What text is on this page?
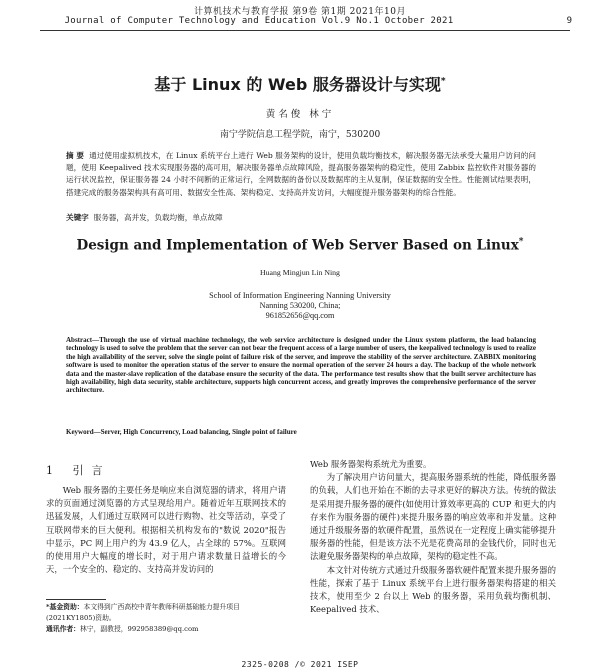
计算机技术与教育学报 第9卷 第1期 2021年10月
Journal of Computer Technology and Education Vol.9 No.1 October 2021	9
基于 Linux 的 Web 服务器设计与实现*
黄名俊 林宁
南宁学院信息工程学院，南宁，530200
摘 要 通过使用虚拟机技术，在 Linux 系统平台上进行 Web 服务架构的设计，使用负载均衡技术，解决服务器无法承受大量用户访问的问题，使用 Keepalived 技术实现服务器的高可用，解决服务器单点故障风险，提高服务器架构的稳定性，使用 Zabbix 监控软件对服务器的运行状况监控，保证服务器 24 小时不间断的正常运行，全网数据的备份以及数据库的主从复制，保证数据的安全性。性能测试结果表明，搭建完成的服务器架构具有高可用、数据安全性高、架构稳定、支持高并发访问，大幅度提升服务器架构的综合性能。
关键字 服务器，高并发，负载均衡，单点故障
Design and Implementation of Web Server Based on Linux*
Huang Mingjun Lin Ning
School of Information Engineering Nanning University
Nanning 530200, China;
961852656@qq.com
Abstract—Through the use of virtual machine technology, the web service architecture is designed under the Linux system platform, the load balancing technology is used to solve the problem that the server can not bear the frequent access of a large number of users, the keepalived technology is used to realize the high availability of the server, solve the single point of failure risk of the server, and improve the stability of the server architecture. ZABBIX monitoring software is used to monitor the operation status of the server to ensure the normal operation of the server 24 hours a day. The backup of the whole network data and the master-slave replication of the database ensure the security of the data. The performance test results show that the built server architecture has high availability, high data security, stable architecture, supports high concurrent access, and greatly improves the comprehensive performance of the server architecture.
Keyword—Server, High Concurrency, Load balancing, Single point of failure
1 引言
Web 服务器的主要任务是响应来自浏览器的请求，将用户请求的页面通过浏览器的方式呈现给用户。随着近年互联网技术的迅猛发展，人们通过互联网可以进行购物、社交等活动，享受了互联网带来的巨大便利。根据相关机构发布的"数说 2020"报告中显示，PC 网上用户约为 43.9 亿人，占全球的 57%。互联网的使用用户大幅度的增长时，对于用户请求数量日益增长的今天，一个安全的、稳定的、支持高并发访问的
*基金资助：本文得到广西高校中青年教师科研基础能力提升项目(2021KY1805)资助。
通讯作者：林宁，副教授，992958389@qq.com
Web 服务器架构系统尤为重要。
为了解决用户访问量大，提高服务器系统的性能，降低服务器的负载，人们也开始在不断的去寻求更好的解决方法。传统的做法是采用提升服务器的硬件(如使用计算效率更高的 CUP 和更大的内存来作为服务器的硬件)来提升服务器的响应效率和并发量。这种通过升级服务器的软硬件配置，虽然说在一定程度上确实能够提升服务器的性能，但是该方法不光是花费高昂的金钱代价，同时也无法避免服务器架构的单点故障，架构的稳定性不高。
本文针对传统方式通过升级服务器软硬件配置来提升服务器的性能，探索了基于 Linux 系统平台上进行服务器架构搭建的相关技术，使用至少 2 台以上 Web 的服务器，采用负载均衡机制、Keepalived 技术、
2325-0208 /© 2021 ISEP
